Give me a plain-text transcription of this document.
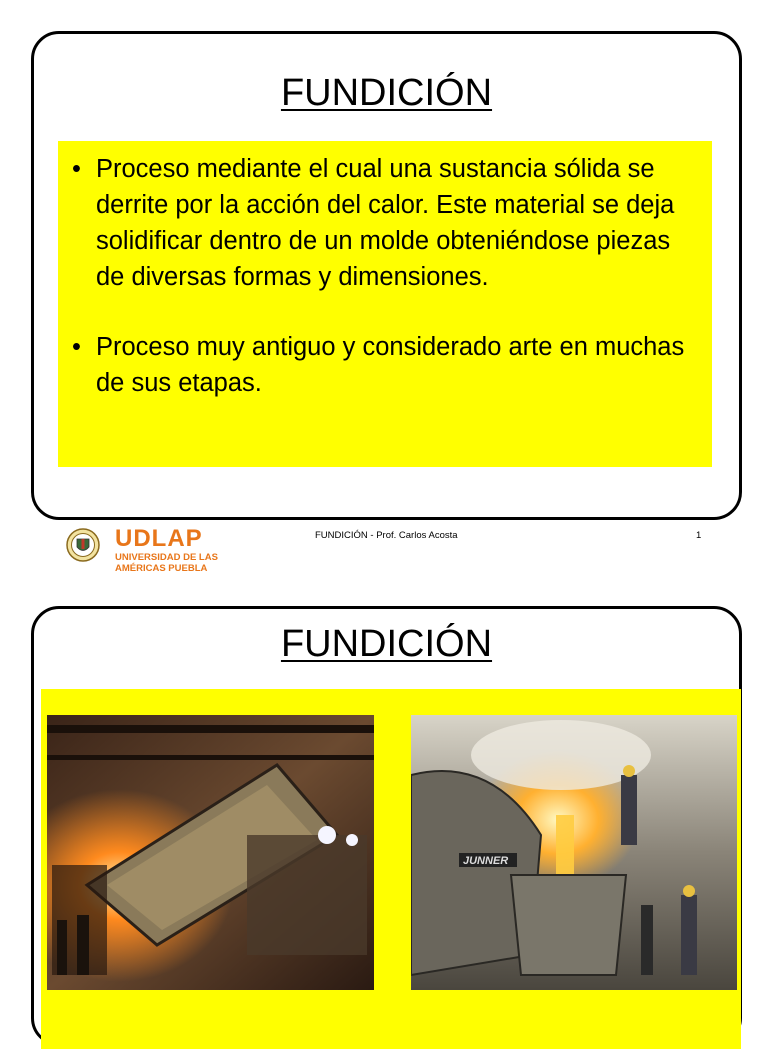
FUNDICIÓN
• Proceso mediante el cual una sustancia sólida se derrite por la acción del calor. Este material se deja solidificar dentro de un molde obteniéndose piezas de diversas formas y dimensiones.
• Proceso muy antiguo y considerado arte en muchas de sus etapas.
UDLAP
UNIVERSIDAD DE LAS
AMÉRICAS PUEBLA
FUNDICIÓN - Prof. Carlos Acosta	1
FUNDICIÓN
JUNNER
